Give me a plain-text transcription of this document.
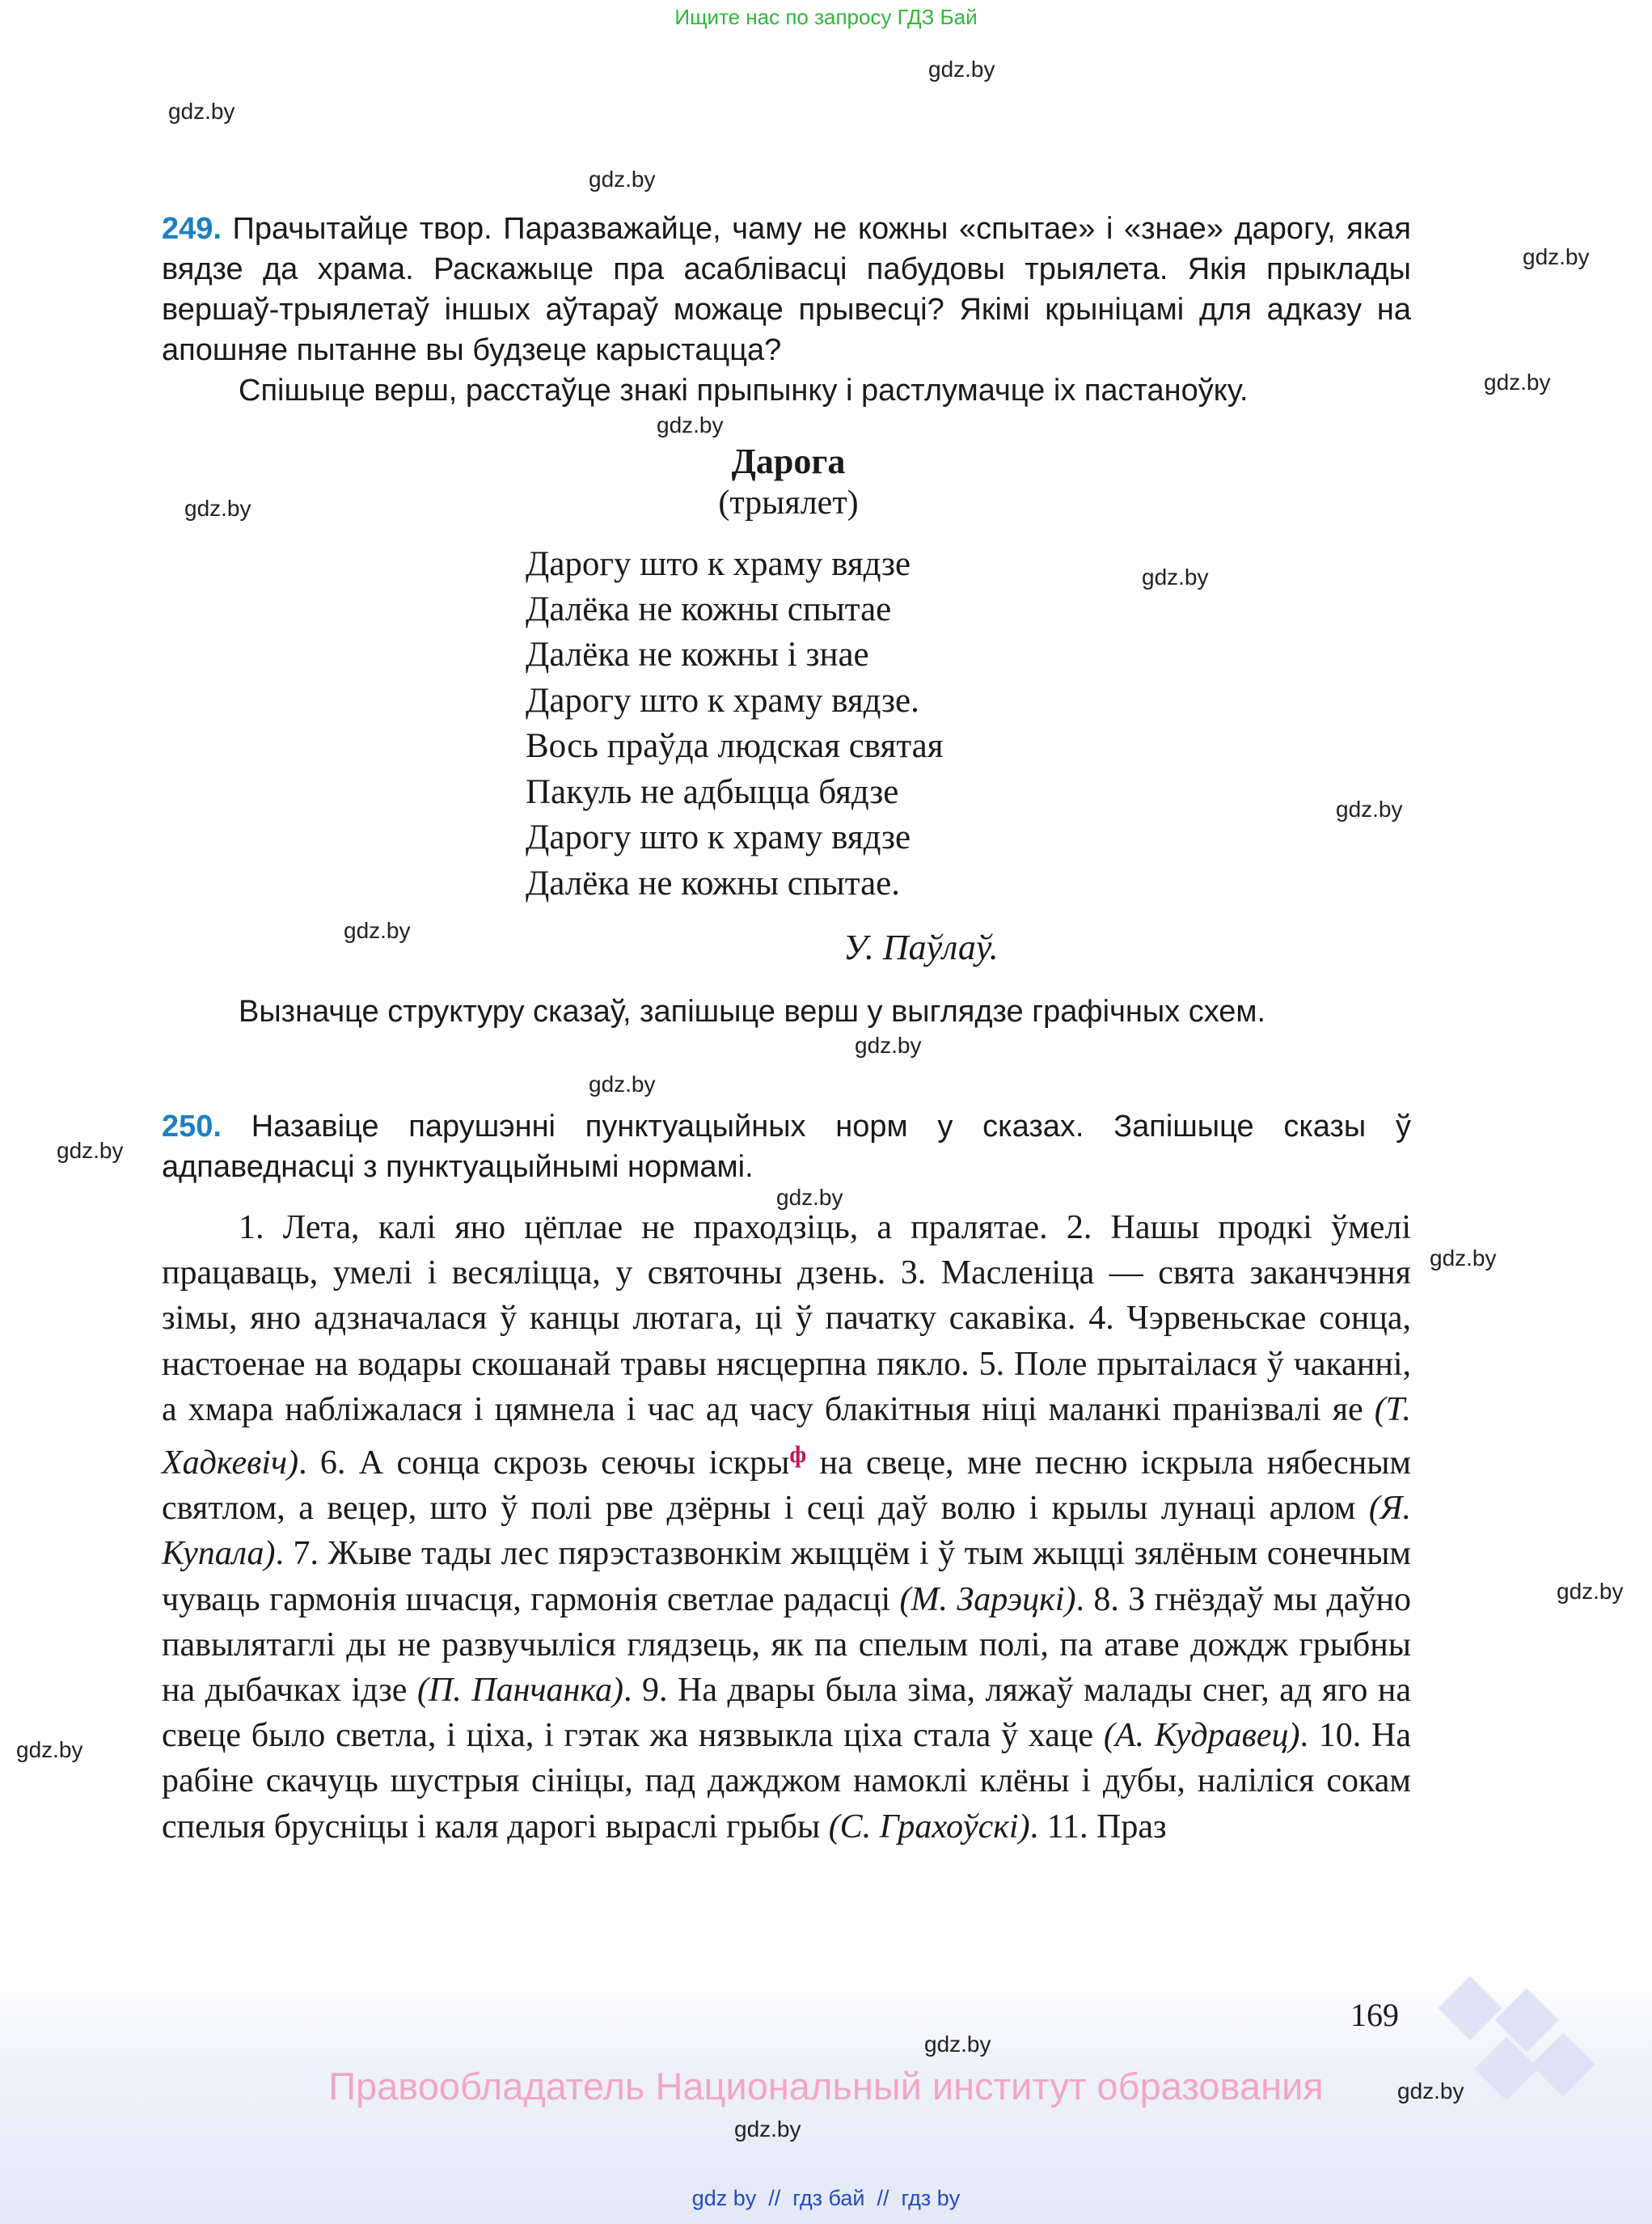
Ищите нас по запросу ГДЗ Бай
gdz.by
gdz.by
gdz.by
gdz.by
gdz.by
gdz.by
gdz.by
gdz.by
gdz.by
gdz.by
gdz.by
gdz.by
gdz.by
gdz.by
gdz.by
gdz.by
gdz.by
249. Прачытайце твор. Паразважайце, чаму не кожны «спытае» і «знае» дарогу, якая вядзе да храма. Раскажыце пра асаблівасці пабудовы трыялета. Якія прыклады вершаў-трыялетаў іншых аўтараў можаце прывесці? Якімі крыніцамі для адказу на апошняе пытанне вы будзеце карыстацца?
Спішыце верш, расстаўце знакі прыпынку і растлумачце іх пастаноўку.
Дарога
(трыялет)
Дарогу што к храму вядзе
Далёка не кожны спытае
Далёка не кожны і знае
Дарогу што к храму вядзе.
Вось праўда людская святая
Пакуль не адбыцца бядзе
Дарогу што к храму вядзе
Далёка не кожны спытае.
У. Паўлаў.
Вызначце структуру сказаў, запішыце верш у выглядзе графічных схем.
250. Назавіце парушэнні пунктуацыйных норм у сказах. Запішыце сказы ў адпаведнасці з пунктуацыйнымі нормамі.
1. Лета, калі яно цёплае не праходзіць, а пралятае. 2. Нашы продкі ўмелі працаваць, умелі і весяліцца, у святочны дзень. 3. Масленіца — свята заканчэння зімы, яно адзначалася ў канцы лютага, ці ў пачатку сакавіка. 4. Чэрвеньскае сонца, настоенае на водары скошанай травы нясцерпна пякло. 5. Поле прытаілася ў чаканні, а хмара набліжалася і цямнела і час ад часу блакітныя ніці маланкі пранізвалі яе (Т. Хадкевіч). 6. А сонца скрозь сеючы іскры$^ф$ на свеце, мне песню іскрыла нябесным святлом, а вецер, што ў полі рве дзёрны і сеці даў волю і крылы лунаці арлом (Я. Купала). 7. Жыве тады лес пярэстазвонкім жыццём і ў тым жыцці зялёным сонечным чуваць гармонія шчасця, гармонія светлае радасці (М. Зарэцкі). 8. З гнёздаў мы даўно павылятаглі ды не развучыліся глядзець, як па спелым полі, па атаве дождж грыбны на дыбачках ідзе (П. Панчанка). 9. На двары была зіма, ляжаў малады снег, ад яго на свеце было светла, і ціха, і гэтак жа нязвыкла ціха стала ў хаце (А. Кудравец). 10. На рабіне скачуць шустрыя сініцы, пад дажджом намоклі клёны і дубы, наліліся сокам спелыя брусніцы і каля дарогі выраслі грыбы (С. Грахоўскі). 11. Праз
169
gdz.by
Правообладатель Национальный институт образования	gdz.by
gdz.by
gdz by  //  гдз бай  //  гдз by
